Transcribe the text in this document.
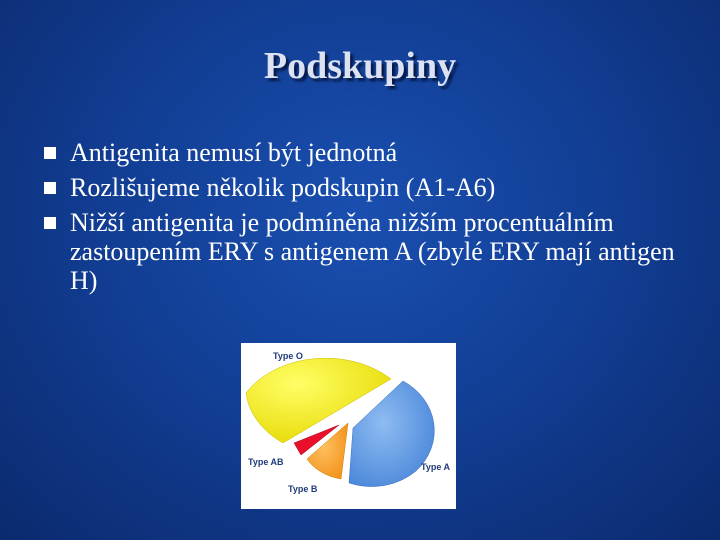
Podskupiny
Antigenita nemusí být jednotná
Rozlišujeme několik podskupin (A1-A6)
Nižší antigenita je podmíněna nižším procentuálním zastoupením ERY s antigenem A (zbylé ERY mají antigen H)
Type O
Type A
Type B
Type AB
